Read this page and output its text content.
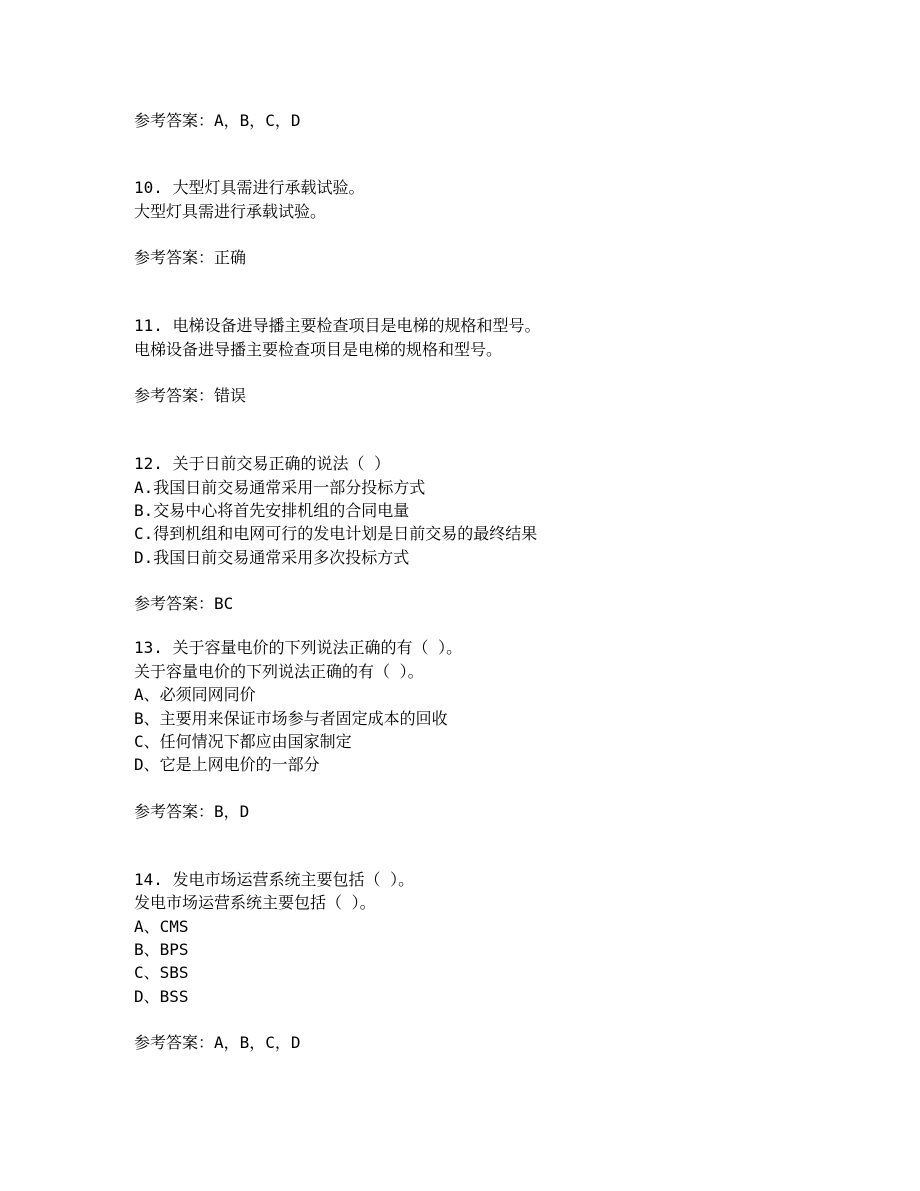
参考答案：A，B，C，D
10. 大型灯具需进行承载试验。
大型灯具需进行承载试验。
参考答案：正确
11. 电梯设备进导播主要检查项目是电梯的规格和型号。
电梯设备进导播主要检查项目是电梯的规格和型号。
参考答案：错误
12. 关于日前交易正确的说法（ ）
A.我国日前交易通常采用一部分投标方式
B.交易中心将首先安排机组的合同电量
C.得到机组和电网可行的发电计划是日前交易的最终结果
D.我国日前交易通常采用多次投标方式
参考答案：BC
13. 关于容量电价的下列说法正确的有（ ）。
关于容量电价的下列说法正确的有（ ）。
A、必须同网同价
B、主要用来保证市场参与者固定成本的回收
C、任何情况下都应由国家制定
D、它是上网电价的一部分
参考答案：B，D
14. 发电市场运营系统主要包括（ ）。
发电市场运营系统主要包括（ ）。
A、CMS
B、BPS
C、SBS
D、BSS
参考答案：A，B，C，D
